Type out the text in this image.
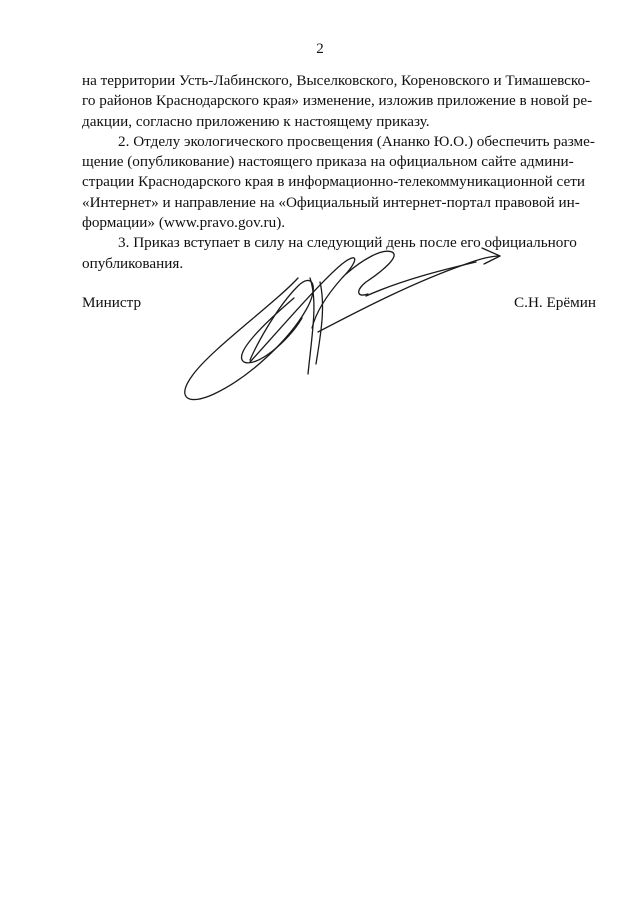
2
на территории Усть-Лабинского, Выселковского, Кореновского и Тимашевско-
го районов Краснодарского края» изменение, изложив приложение в новой ре-
дакции, согласно приложению к настоящему приказу.
2. Отделу экологического просвещения (Ананко Ю.О.) обеспечить разме-
щение (опубликование) настоящего приказа на официальном сайте админи-
страции Краснодарского края в информационно-телекоммуникационной сети
«Интернет» и направление на «Официальный интернет-портал правовой ин-
формации» (www.pravo.gov.ru).
3. Приказ вступает в силу на следующий день после его официального
опубликования.
Министр	С.Н. Ерёмин
